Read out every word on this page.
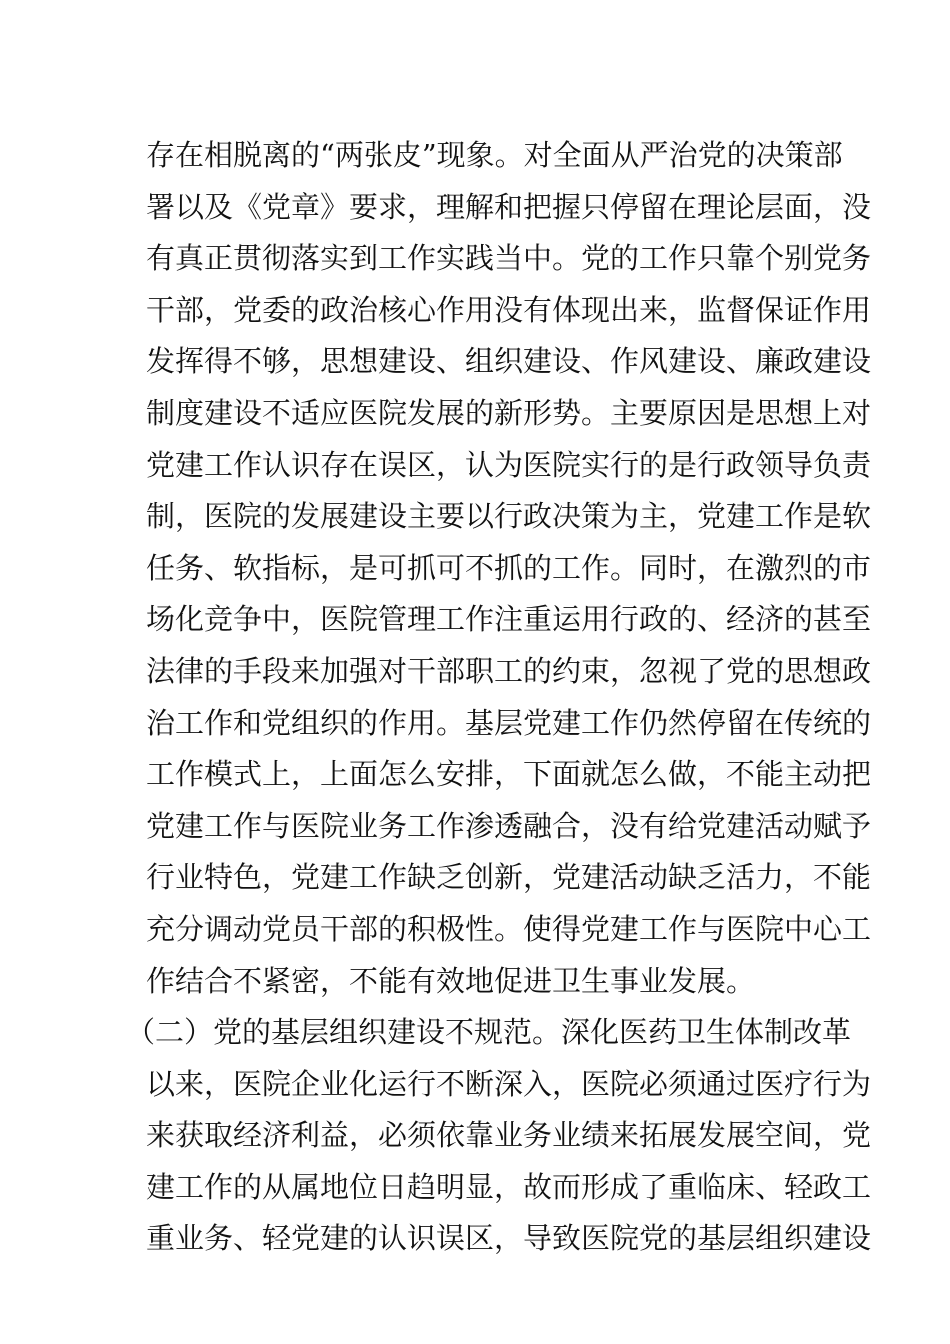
存在相脱离的“两张皮”现象。对全面从严治党的决策部
署以及《党章》要求，理解和把握只停留在理论层面，没
有真正贯彻落实到工作实践当中。党的工作只靠个别党务
干部，党委的政治核心作用没有体现出来，监督保证作用
发挥得不够，思想建设、组织建设、作风建设、廉政建设
制度建设不适应医院发展的新形势。主要原因是思想上对
党建工作认识存在误区，认为医院实行的是行政领导负责
制，医院的发展建设主要以行政决策为主，党建工作是软
任务、软指标，是可抓可不抓的工作。同时，在激烈的市
场化竞争中，医院管理工作注重运用行政的、经济的甚至
法律的手段来加强对干部职工的约束，忽视了党的思想政
治工作和党组织的作用。基层党建工作仍然停留在传统的
工作模式上，上面怎么安排，下面就怎么做，不能主动把
党建工作与医院业务工作渗透融合，没有给党建活动赋予
行业特色，党建工作缺乏创新，党建活动缺乏活力，不能
充分调动党员干部的积极性。使得党建工作与医院中心工
作结合不紧密，不能有效地促进卫生事业发展。
（二）党的基层组织建设不规范。深化医药卫生体制改革
以来，医院企业化运行不断深入，医院必须通过医疗行为
来获取经济利益，必须依靠业务业绩来拓展发展空间，党
建工作的从属地位日趋明显，故而形成了重临床、轻政工
重业务、轻党建的认识误区，导致医院党的基层组织建设
